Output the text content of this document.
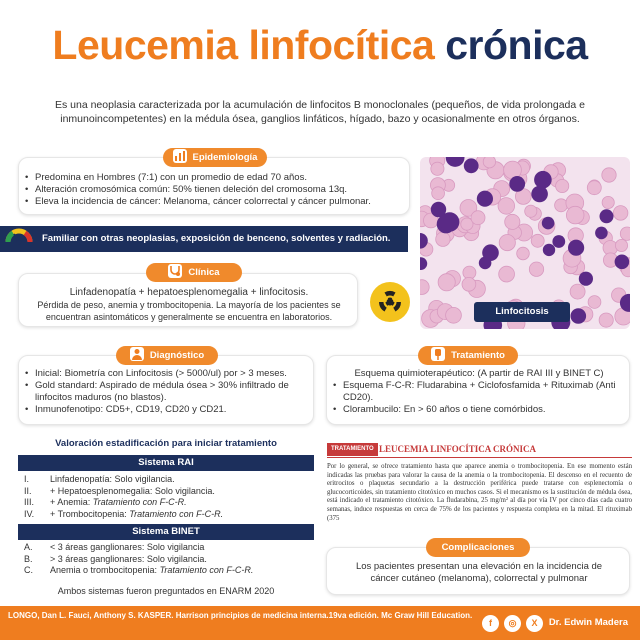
Leucemia linfocítica crónica

Es una neoplasia caracterizada por la acumulación de linfocitos B monoclonales (pequeños, de vida prolongada e inmunoincompetentes) en la médula ósea, ganglios linfáticos, hígado, bazo y ocasionalmente en otros órganos.

• Predomina en Hombres (7:1) con un promedio de edad 70 años.
• Alteración cromosómica común: 50% tienen deleción del cromosoma 13q.
• Eleva la incidencia de cáncer: Melanoma, cáncer colorrectal y cáncer pulmonar.
Epidemiología
Familiar con otras neoplasias, exposición de benceno, solventes y radiación.
Linfadenopatía + hepatoesplenomegalia + linfocitosis.
Pérdida de peso, anemia y trombocitopenia. La mayoría de los pacientes se encuentran asintomáticos y generalmente se encuentra en laboratorios.
Clínica
Linfocitosis
• Inicial: Biometría con Linfocitosis (> 5000/ul) por > 3 meses.
• Gold standard: Aspirado de médula ósea > 30% infiltrado de linfocitos maduros (no blastos).
• Inmunofenotipo: CD5+, CD19, CD20 y CD21.
Diagnóstico
Esquema quimioterapéutico: (A partir de RAI III y BINET C)
• Esquema F-C-R: Fludarabina + Ciclofosfamida + Rituximab (Anti CD20).
• Clorambucilo: En > 60 años o tiene comórbidos.
Tratamiento
Valoración estadificación para iniciar tratamiento
Sistema RAI
I.	Linfadenopatía: Solo vigilancia.
II.	+ Hepatoesplenomegalia: Solo vigilancia.
III.	+ Anemia: Tratamiento con F-C-R.
IV.	+ Trombocitopenia: Tratamiento con F-C-R.
Sistema BINET
A.	< 3 áreas ganglionares: Solo vigilancia
B.	> 3 áreas ganglionares: Solo vigilancia.
C.	Anemia o trombocitopenia: Tratamiento con F-C-R.
Ambos sistemas fueron preguntados en ENARM 2020
TRATAMIENTO LEUCEMIA LINFOCÍTICA CRÓNICA

Por lo general, se ofrece tratamiento hasta que aparece anemia o trombocitopenia. En ese momento están indicadas las pruebas para valorar la causa de la anemia o la trombocitopenia. El descenso en el recuento de eritrocitos o plaquetas secundario a la destrucción periférica puede tratarse con esplenectomía o glucocorticoides, sin tratamiento citotóxico en muchos casos. Si el mecanismo es la sustitución de médula ósea, está indicado el tratamiento citotóxico. La fludarabina, 25 mg/m² al día por vía IV por cinco días cada cuatro semanas, induce respuestas en cerca de 75% de los pacientes y respuesta completa en la mitad. El rituximab (375

Los pacientes presentan una elevación en la incidencia de cáncer cutáneo (melanoma), colorrectal y pulmonar
Complicaciones
LONGO, Dan L. Fauci, Anthony S. KASPER. Harrison principios de medicina interna.19va edición. Mc Graw Hill Education.
f	◎	X	Dr. Edwin Madera
